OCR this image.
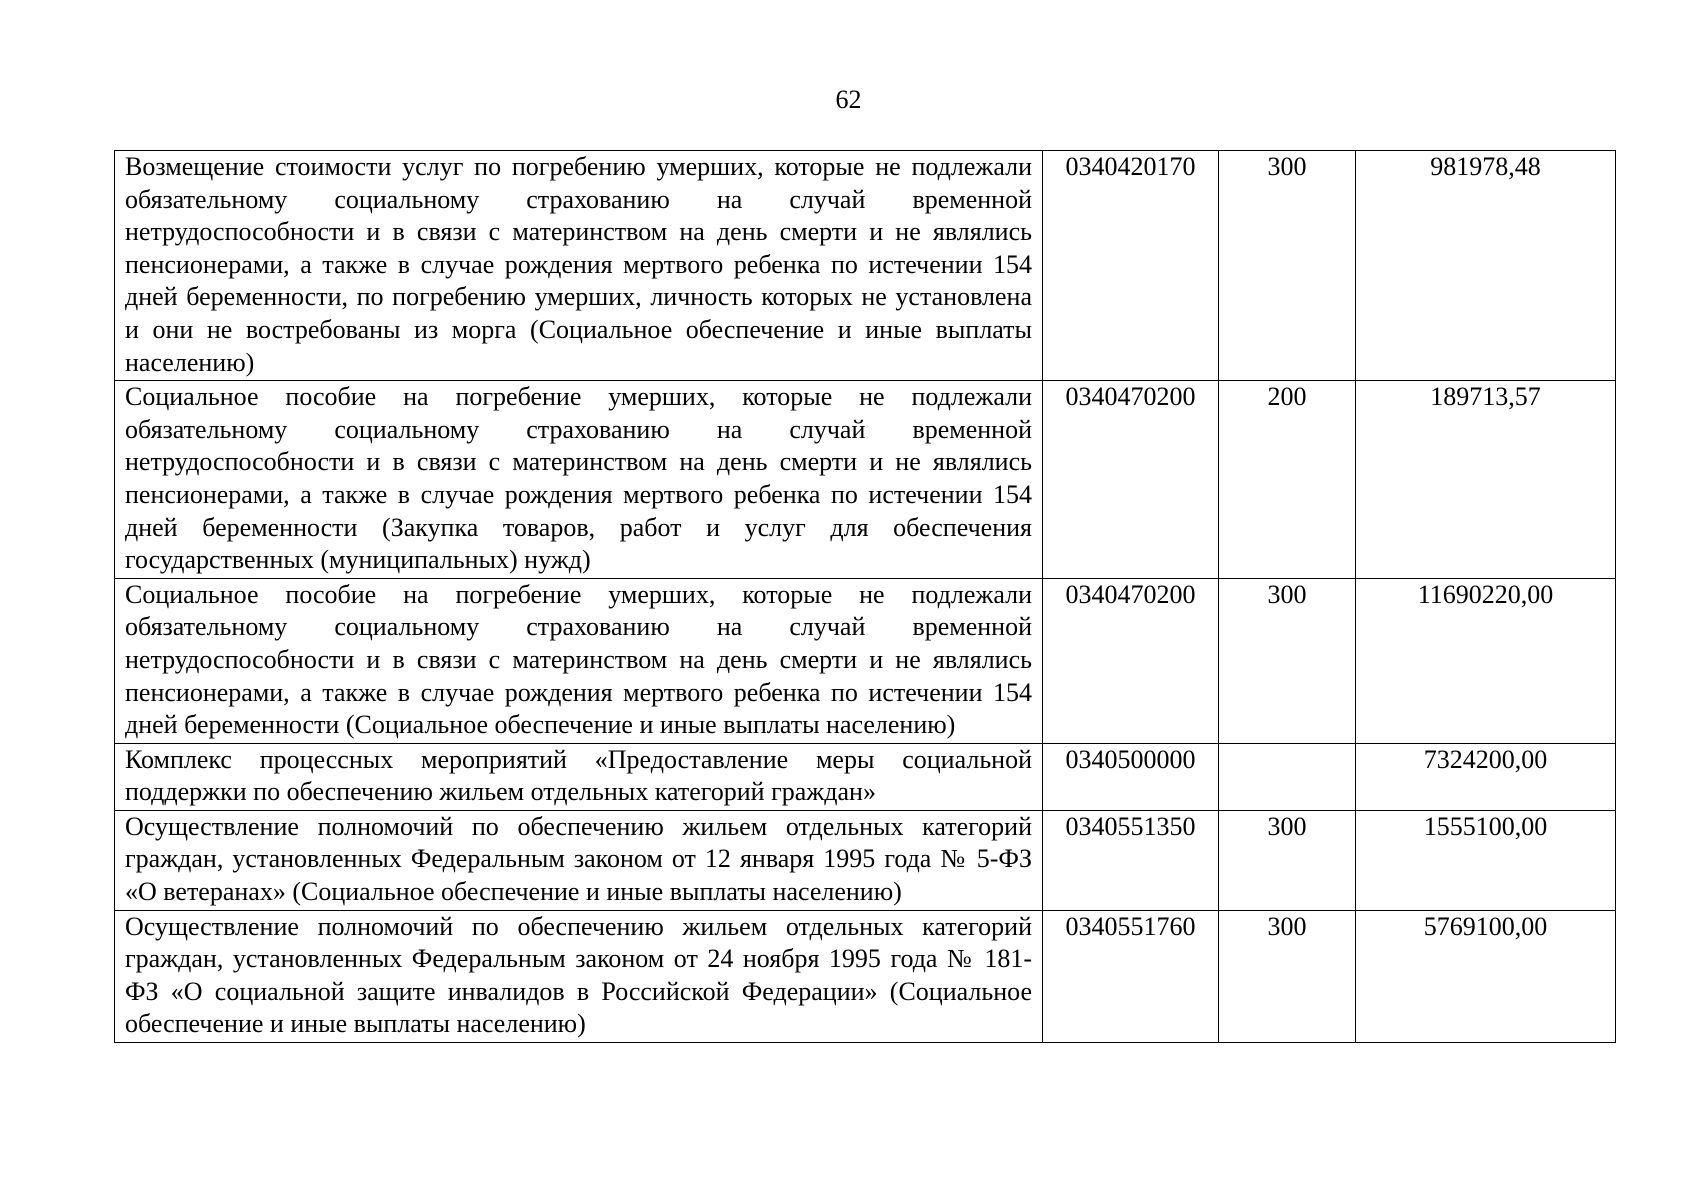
62
Возмещение стоимости услуг по погребению умерших, которые не подлежали обязательному социальному страхованию на случай временной нетрудоспособности и в связи с материнством на день смерти и не являлись пенсионерами, а также в случае рождения мертвого ребенка по истечении 154 дней беременности, по погребению умерших, личность которых не установлена и они не востребованы из морга (Социальное обеспечение и иные выплаты населению)	0340420170	300	981978,48
Социальное пособие на погребение умерших, которые не подлежали обязательному социальному страхованию на случай временной нетрудоспособности и в связи с материнством на день смерти и не являлись пенсионерами, а также в случае рождения мертвого ребенка по истечении 154 дней беременности (Закупка товаров, работ и услуг для обеспечения государственных (муниципальных) нужд)	0340470200	200	189713,57
Социальное пособие на погребение умерших, которые не подлежали обязательному социальному страхованию на случай временной нетрудоспособности и в связи с материнством на день смерти и не являлись пенсионерами, а также в случае рождения мертвого ребенка по истечении 154 дней беременности (Социальное обеспечение и иные выплаты населению)	0340470200	300	11690220,00
Комплекс процессных мероприятий «Предоставление меры социальной поддержки по обеспечению жильем отдельных категорий граждан»	0340500000		7324200,00
Осуществление полномочий по обеспечению жильем отдельных категорий граждан, установленных Федеральным законом от 12 января 1995 года № 5-ФЗ «О ветеранах» (Социальное обеспечение и иные выплаты населению)	0340551350	300	1555100,00
Осуществление полномочий по обеспечению жильем отдельных категорий граждан, установленных Федеральным законом от 24 ноября 1995 года № 181-ФЗ «О социальной защите инвалидов в Российской Федерации» (Социальное обеспечение и иные выплаты населению)	0340551760	300	5769100,00
